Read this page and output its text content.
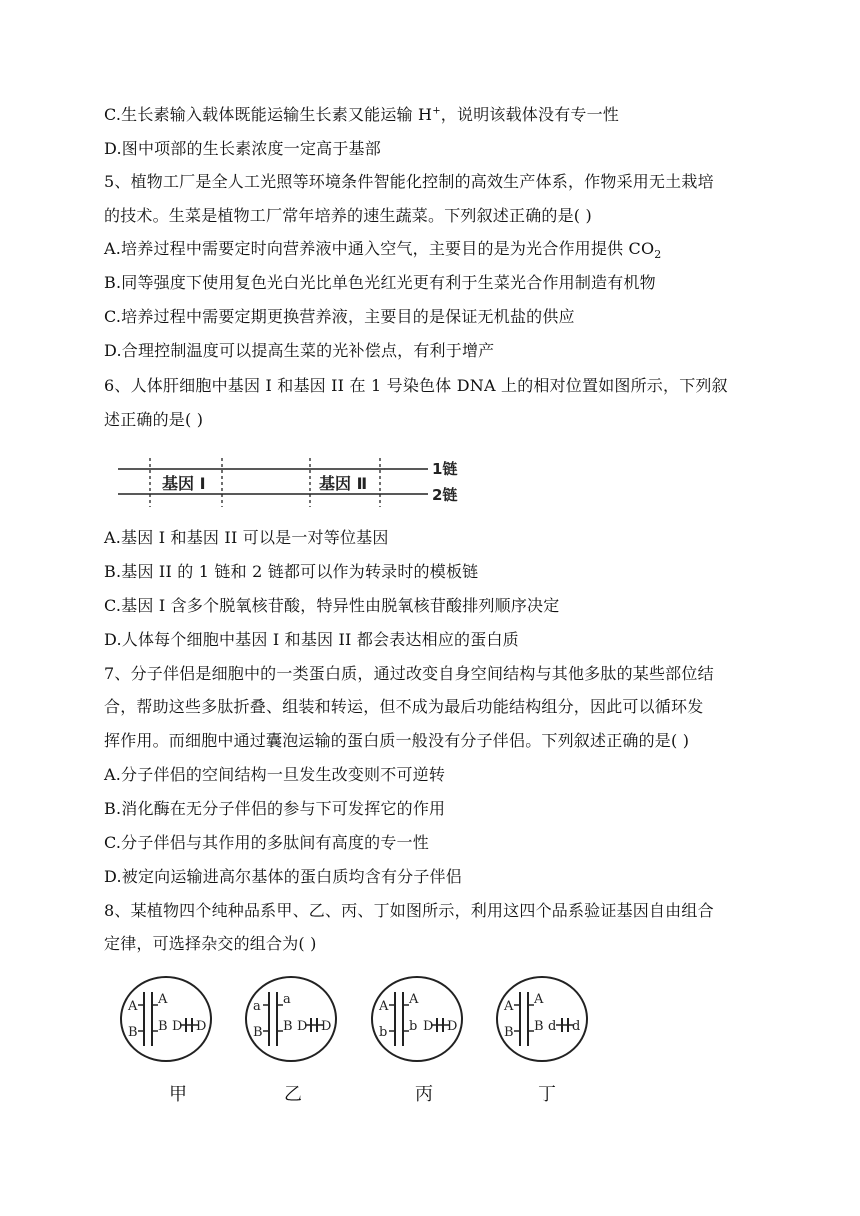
C.生长素输入载体既能运输生长素又能运输 H+，说明该载体没有专一性
D.图中项部的生长素浓度一定高于基部
5、植物工厂是全人工光照等环境条件智能化控制的高效生产体系，作物采用无土栽培
的技术。生菜是植物工厂常年培养的速生蔬菜。下列叙述正确的是( )
A.培养过程中需要定时向营养液中通入空气，主要目的是为光合作用提供 $CO_2$
B.同等强度下使用复色光白光比单色光红光更有利于生菜光合作用制造有机物
C.培养过程中需要定期更换营养液，主要目的是保证无机盐的供应
D.合理控制温度可以提高生菜的光补偿点，有利于增产
6、人体肝细胞中基因 I 和基因 II 在 1 号染色体 DNA 上的相对位置如图所示，下列叙
述正确的是( )
基因 I	基因 Ⅱ
1链
2链
A.基因 I 和基因 II 可以是一对等位基因
B.基因 II 的 1 链和 2 链都可以作为转录时的模板链
C.基因 I 含多个脱氧核苷酸，特异性由脱氧核苷酸排列顺序决定
D.人体每个细胞中基因 I 和基因 II 都会表达相应的蛋白质
7、分子伴侣是细胞中的一类蛋白质，通过改变自身空间结构与其他多肽的某些部位结
合，帮助这些多肽折叠、组装和转运，但不成为最后功能结构组分，因此可以循环发
挥作用。而细胞中通过囊泡运输的蛋白质一般没有分子伴侣。下列叙述正确的是( )
A.分子伴侣的空间结构一旦发生改变则不可逆转
B.消化酶在无分子伴侣的参与下可发挥它的作用
C.分子伴侣与其作用的多肽间有高度的专一性
D.被定向运输进高尔基体的蛋白质均含有分子伴侣
8、某植物四个纯种品系甲、乙、丙、丁如图所示，利用这四个品系验证基因自由组合
定律，可选择杂交的组合为( )
A
B
A
B D D
a
B
a
B D D
A
b
A
b D D
A
B
A
B d d
甲	乙	丙	丁
